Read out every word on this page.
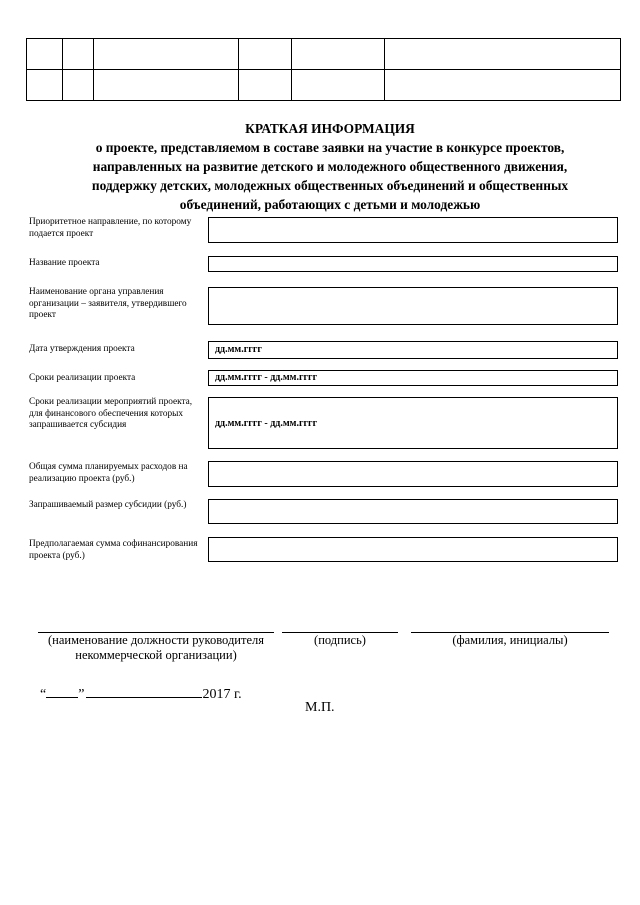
КРАТКАЯ ИНФОРМАЦИЯ
о проекте, представляемом в составе заявки на участие в конкурсе проектов,
направленных на развитие детского и молодежного общественного движения,
поддержку детских, молодежных общественных объединений и общественных
объединений, работающих с детьми и молодежью
Приоритетное направление, по которому подается проект
Название проекта
Наименование органа управления организации – заявителя, утвердившего проект
Дата утверждения проекта	дд.мм.гггг
Сроки реализации проекта	дд.мм.гггг - дд.мм.гггг
Сроки реализации мероприятий проекта, для финансового обеспечения которых запрашивается субсидия	дд.мм.гггг - дд.мм.гггг
Общая сумма планируемых расходов на реализацию проекта (руб.)
Запрашиваемый размер субсидии (руб.)
Предполагаемая сумма софинансирования проекта (руб.)
(наименование должности руководителя
некоммерческой организации)
(подпись)	(фамилия, инициалы)
“ ”	2017 г.
М.П.
